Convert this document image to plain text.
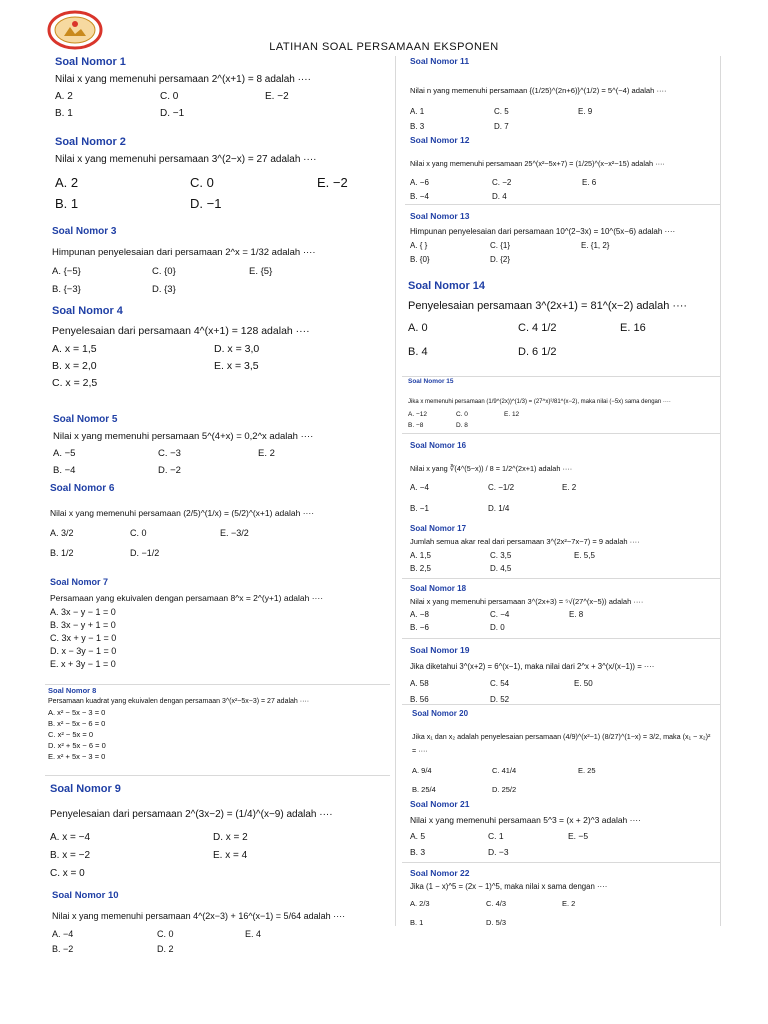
LATIHAN SOAL PERSAMAAN EKSPONEN
Soal Nomor 1
Nilai x yang memenuhi persamaan 2^(x+1) = 8 adalah ····
A. 2	C. 0	E. −2
B. 1	D. −1
Soal Nomor 2
Nilai x yang memenuhi persamaan 3^(2−x) = 27 adalah ····
A. 2	C. 0	E. −2
B. 1	D. −1
Soal Nomor 3
Himpunan penyelesaian dari persamaan 2^x = 1/32 adalah ····
A. {−5}	C. {0}	E. {5}
B. {−3}	D. {3}
Soal Nomor 4
Penyelesaian dari persamaan 4^(x+1) = 128 adalah ····
A. x = 1,5	D. x = 3,0
B. x = 2,0	E. x = 3,5
C. x = 2,5
Soal Nomor 5
Nilai x yang memenuhi persamaan 5^(4+x) = 0,2^x adalah ····
A. −5	C. −3	E. 2
B. −4	D. −2
Soal Nomor 6
Nilai x yang memenuhi persamaan (2/5)^(1/x) = (5/2)^(x+1) adalah ····
A. 3/2	C. 0	E. −3/2
B. 1/2	D. −1/2
Soal Nomor 7
Persamaan yang ekuivalen dengan persamaan 8^x = 2^(y+1) adalah ····
A. 3x − y − 1 = 0
B. 3x − y + 1 = 0
C. 3x + y − 1 = 0
D. x − 3y − 1 = 0
E. x + 3y − 1 = 0
Soal Nomor 8
Persamaan kuadrat yang ekuivalen dengan persamaan 3^(x²−5x−3) = 27 adalah ····
A. x² − 5x − 3 = 0
B. x² − 5x − 6 = 0
C. x² − 5x = 0
D. x² + 5x − 6 = 0
E. x² + 5x − 3 = 0
Soal Nomor 9
Penyelesaian dari persamaan 2^(3x−2) = (1/4)^(x−9) adalah ····
A. x = −4	D. x = 2
B. x = −2	E. x = 4
C. x = 0
Soal Nomor 10
Nilai x yang memenuhi persamaan 4^(2x−3) + 16^(x−1) = 5/64 adalah ····
A. −4	C. 0	E. 4
B. −2	D. 2
Soal Nomor 11
Nilai n yang memenuhi persamaan {(1/25)^(2n+6)}^(1/2) = 5^(−4) adalah ····
A. 1	C. 5	E. 9
B. 3	D. 7
Soal Nomor 12
Nilai x yang memenuhi persamaan 25^(x²−5x+7) = (1/25)^(x−x²−15) adalah ····
A. −6	C. −2	E. 6
B. −4	D. 4
Soal Nomor 13
Himpunan penyelesaian dari persamaan 10^(2−3x) = 10^(5x−6) adalah ····
A. { }	C. {1}	E. {1, 2}
B. {0}	D. {2}
Soal Nomor 14
Penyelesaian persamaan 3^(2x+1) = 81^(x−2) adalah ····
A. 0	C. 4 1/2	E. 16
B. 4	D. 6 1/2
Soal Nomor 15
Jika x memenuhi persamaan (1/9^(2x))^(1/3) = (27^x)²/81^(x−2), maka nilai (−5x) sama dengan ····
A. −12	C. 0	E. 12
B. −8	D. 8
Soal Nomor 16
Nilai x yang ∛(4^(5−x)) / 8 = 1/2^(2x+1) adalah ····
A. −4	C. −1/2	E. 2
B. −1	D. 1/4
Soal Nomor 17
Jumlah semua akar real dari persamaan 3^(2x²−7x−7) = 9 adalah ····
A. 1,5	C. 3,5	E. 5,5
B. 2,5	D. 4,5
Soal Nomor 18
Nilai x yang memenuhi persamaan 3^(2x+3) = ⁵√(27^(x−5)) adalah ····
A. −8	C. −4	E. 8
B. −6	D. 0
Soal Nomor 19
Jika diketahui 3^(x+2) = 6^(x−1), maka nilai dari 2^x + 3^(x/(x−1)) = ····
A. 58	C. 54	E. 50
B. 56	D. 52
Soal Nomor 20
Jika x₁ dan x₂ adalah penyelesaian persamaan (4/9)^(x²−1) (8/27)^(1−x) = 3/2, maka (x₁ − x₂)² = ····
A. 9/4	C. 41/4	E. 25
B. 25/4	D. 25/2
Soal Nomor 21
Nilai x yang memenuhi persamaan 5^3 = (x + 2)^3 adalah ····
A. 5	C. 1	E. −5
B. 3	D. −3
Soal Nomor 22
Jika (1 − x)^5 = (2x − 1)^5, maka nilai x sama dengan ····
A. 2/3	C. 4/3	E. 2
B. 1	D. 5/3
